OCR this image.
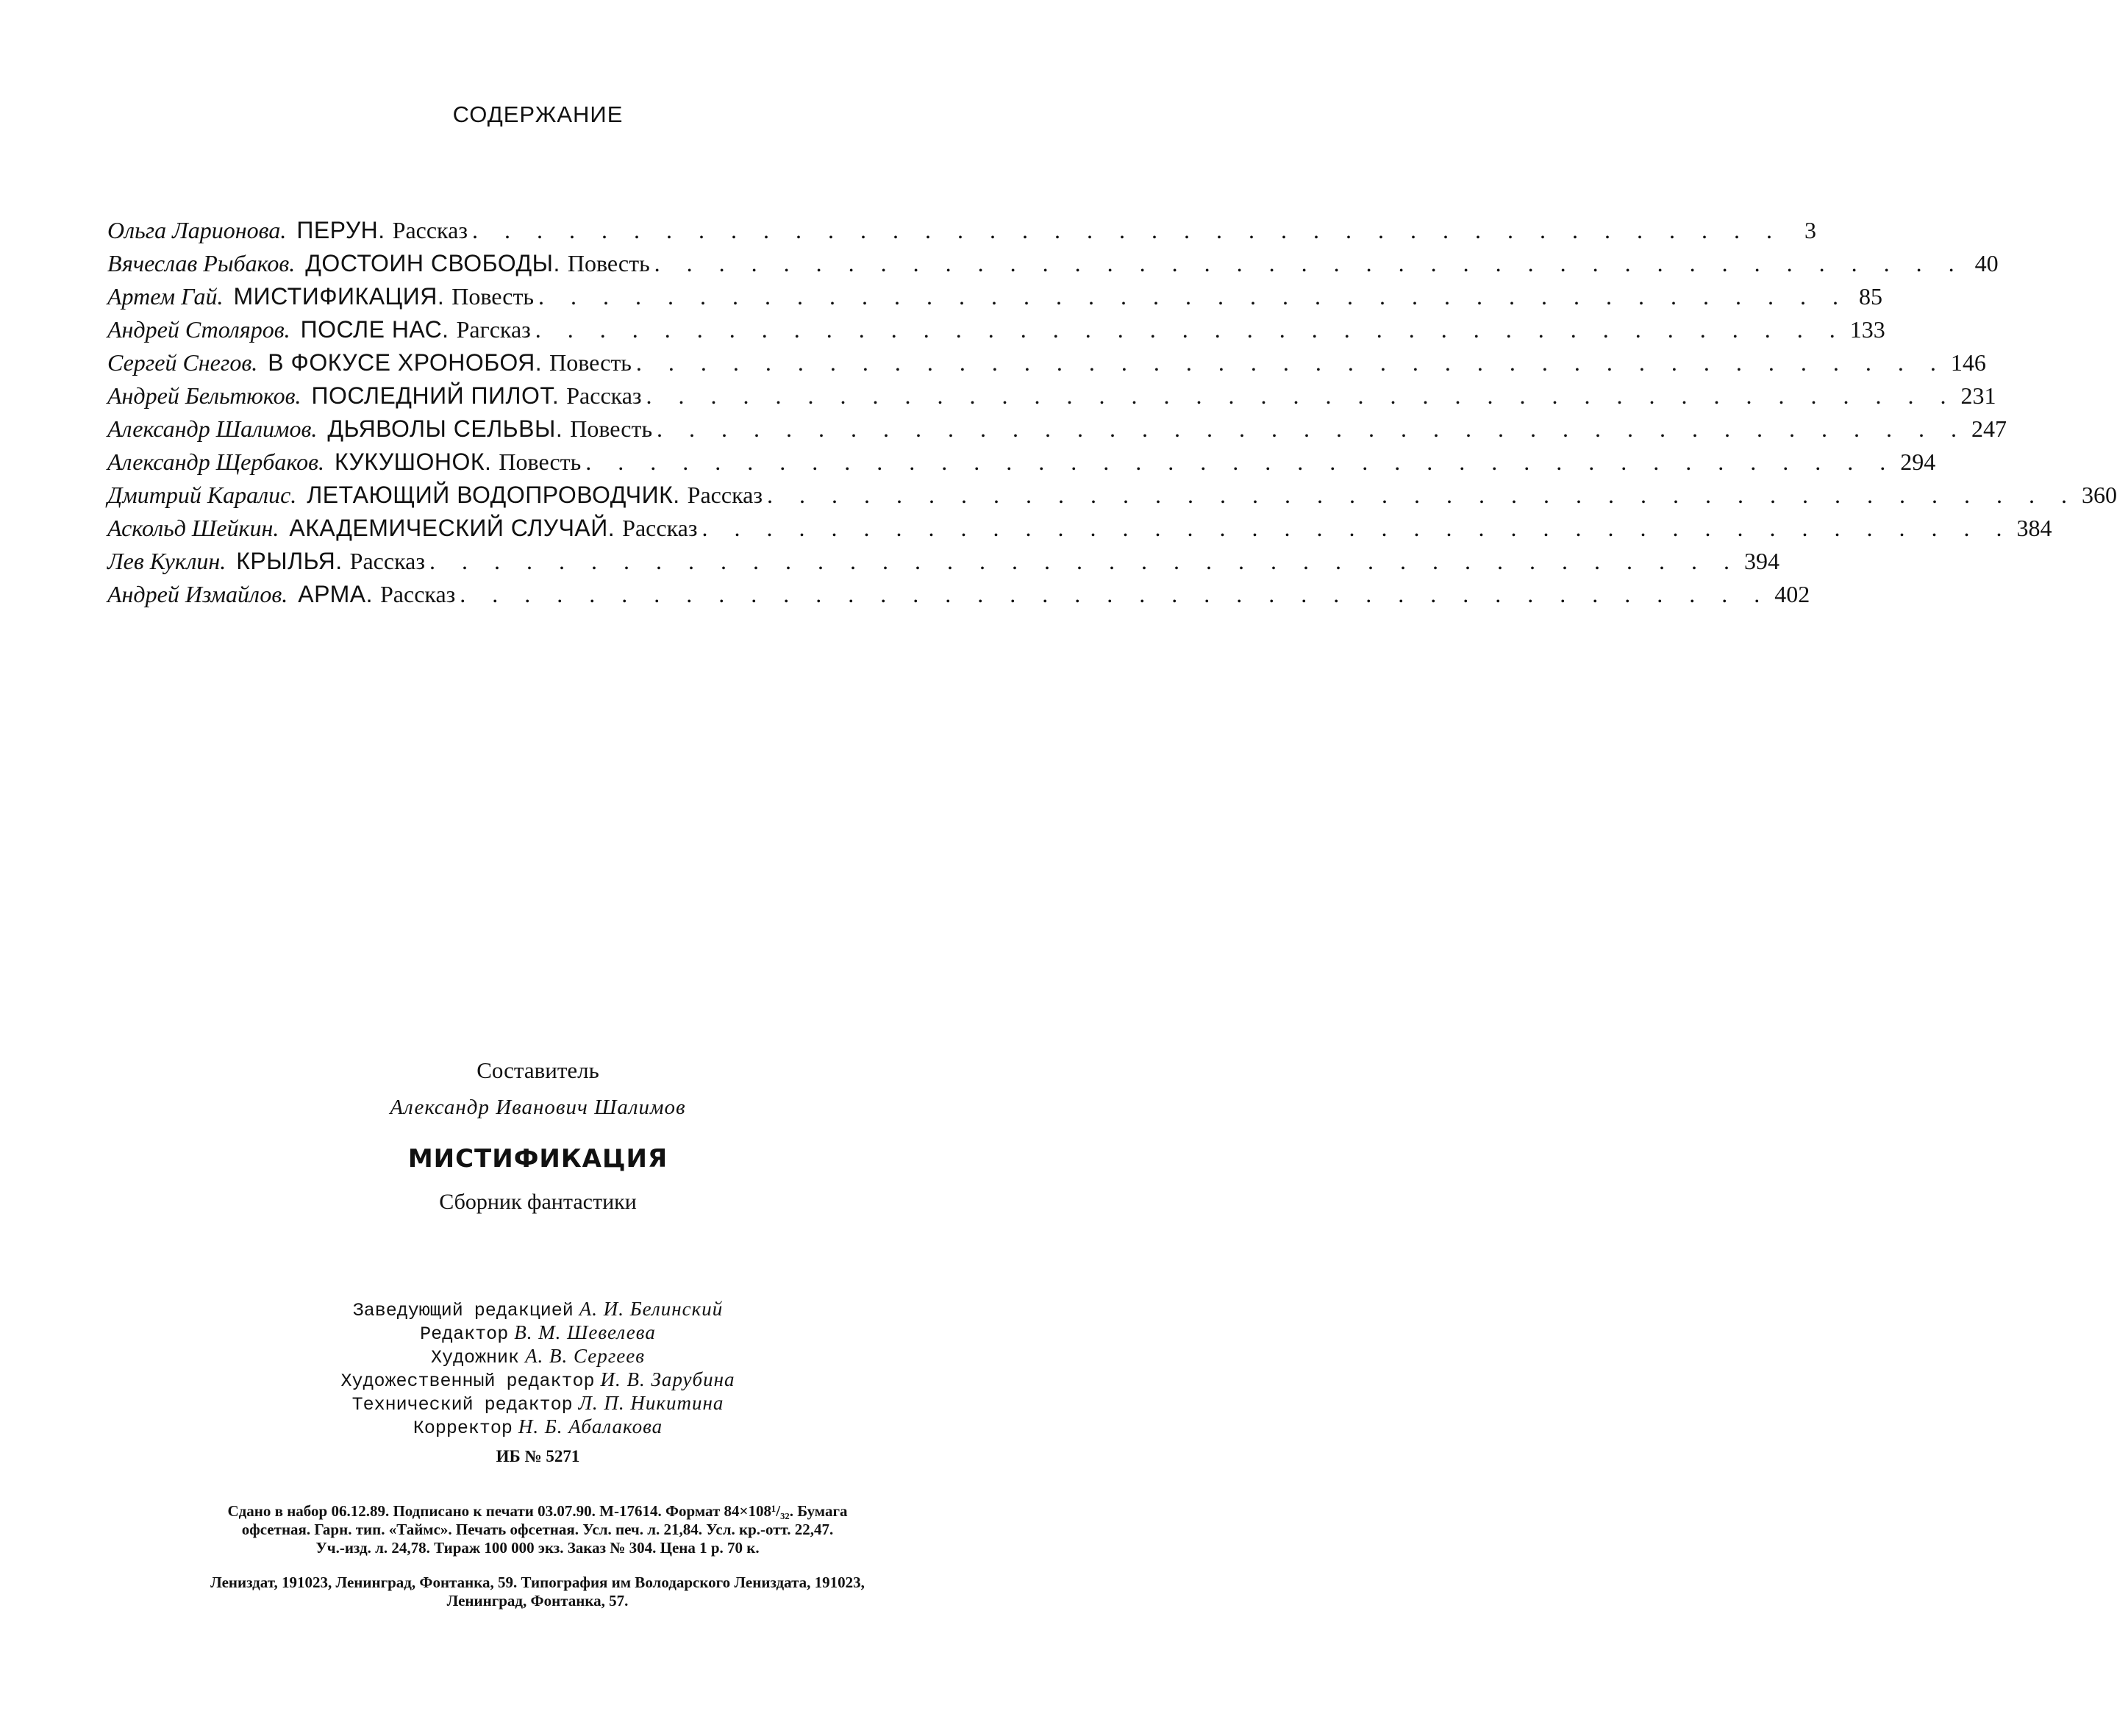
СОДЕРЖАНИЕ
Ольга Ларионова. ПЕРУН. Рассказ . . . . . . . . . . . . . . . . . . . . . . . . . . . . . . . . . . . . . . . . . 3
Вячеслав Рыбаков. ДОСТОИН СВОБОДЫ. Повесть . . . . . . . . . . . . . . . . . . . . . . . . . . . . . . . . . . . . . . . . . 40
Артем Гай. МИСТИФИКАЦИЯ. Повесть . . . . . . . . . . . . . . . . . . . . . . . . . . . . . . . . . . . . . . . . . 85
Андрей Столяров. ПОСЛЕ НАС. Рагсказ . . . . . . . . . . . . . . . . . . . . . . . . . . . . . . . . . . . . . . . . . 133
Сергей Снегов. В ФОКУСЕ ХРОНОБОЯ. Повесть . . . . . . . . . . . . . . . . . . . . . . . . . . . . . . . . . . . . . . . . . 146
Андрей Бельтюков. ПОСЛЕДНИЙ ПИЛОТ. Рассказ . . . . . . . . . . . . . . . . . . . . . . . . . . . . . . . . . . . . . . . . . 231
Александр Шалимов. ДЬЯВОЛЫ СЕЛЬВЫ. Повесть . . . . . . . . . . . . . . . . . . . . . . . . . . . . . . . . . . . . . . . . . 247
Александр Щербаков. КУКУШОНОК. Повесть . . . . . . . . . . . . . . . . . . . . . . . . . . . . . . . . . . . . . . . . . 294
Дмитрий Каралис. ЛЕТАЮЩИЙ ВОДОПРОВОДЧИК. Рассказ . . . . . . . . . . . . . . . . . . . . . . . . . . . . . . . . . . . . . . . . . 360
Аскольд Шейкин. АКАДЕМИЧЕСКИЙ СЛУЧАЙ. Рассказ . . . . . . . . . . . . . . . . . . . . . . . . . . . . . . . . . . . . . . . . . 384
Лев Куклин. КРЫЛЬЯ. Рассказ . . . . . . . . . . . . . . . . . . . . . . . . . . . . . . . . . . . . . . . . . 394
Андрей Измайлов. АРМА. Рассказ . . . . . . . . . . . . . . . . . . . . . . . . . . . . . . . . . . . . . . . . . 402
Составитель
Александр Иванович Шалимов
МИСТИФИКАЦИЯ
Сборник фантастики
Заведующий редакцией А. И. Белинский
Редактор В. М. Шевелева
Художник А. В. Сергеев
Художественный редактор И. В. Зарубина
Технический редактор Л. П. Никитина
Корректор Н. Б. Абалакова
ИБ № 5271
Сдано в набор 06.12.89. Подписано к печати 03.07.90. М-17614. Формат 84×108¹/₃₂. Бумага
офсетная. Гарн. тип. «Таймс». Печать офсетная. Усл. печ. л. 21,84. Усл. кр.-отт. 22,47.
Уч.-изд. л. 24,78. Тираж 100 000 экз. Заказ № 304. Цена 1 р. 70 к.
Лениздат, 191023, Ленинград, Фонтанка, 59. Типография им Володарского Лениздата, 191023,
Ленинград, Фонтанка, 57.
